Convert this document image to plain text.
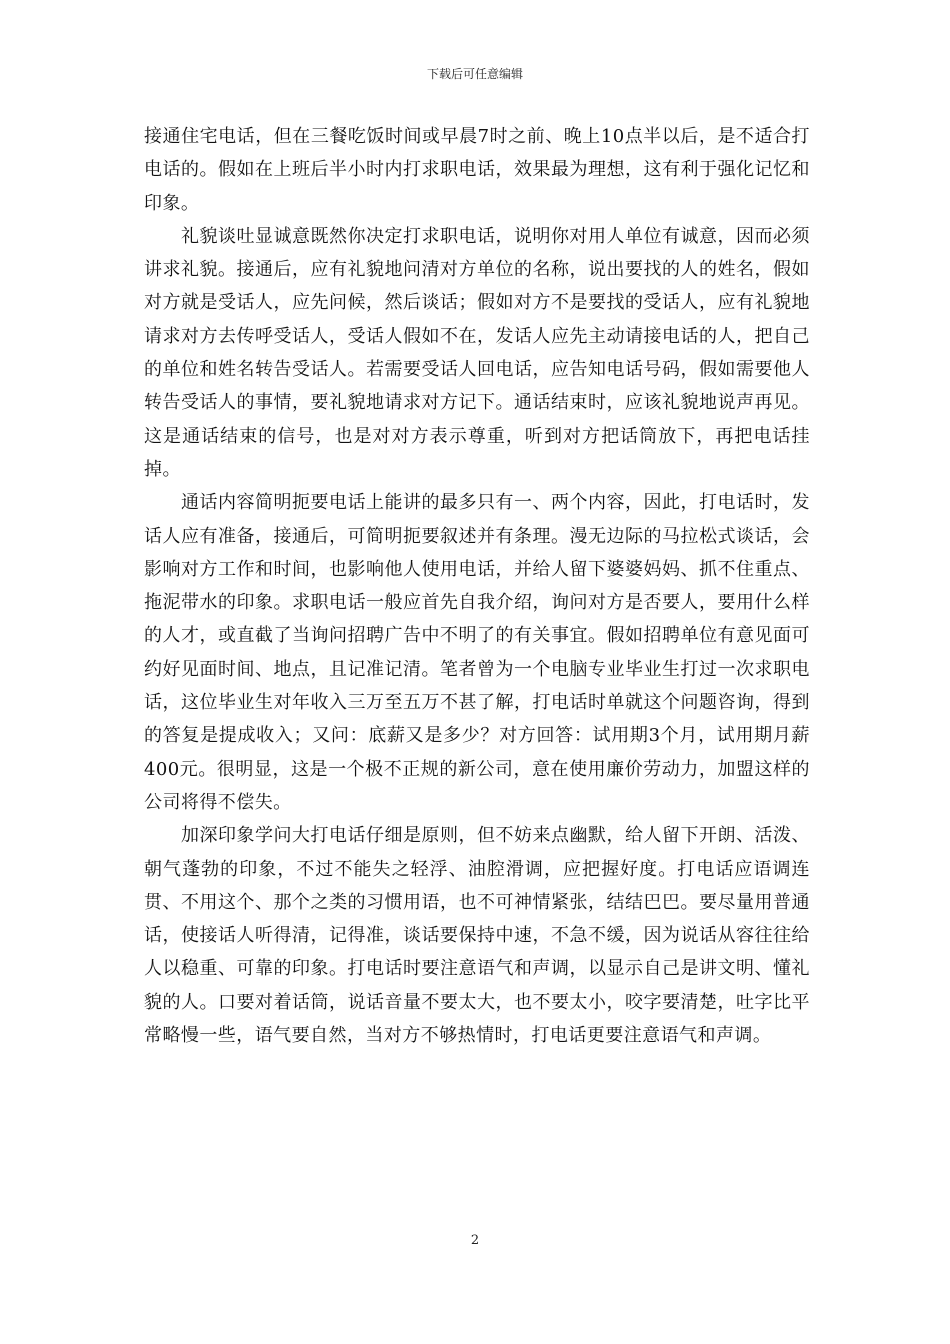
下载后可任意编辑

接通住宅电话，但在三餐吃饭时间或早晨7时之前、晚上10点半以后，是不适合打电话的。假如在上班后半小时内打求职电话，效果最为理想，这有利于强化记忆和印象。

礼貌谈吐显诚意既然你决定打求职电话，说明你对用人单位有诚意，因而必须讲求礼貌。接通后，应有礼貌地问清对方单位的名称，说出要找的人的姓名，假如对方就是受话人，应先问候，然后谈话；假如对方不是要找的受话人，应有礼貌地请求对方去传呼受话人，受话人假如不在，发话人应先主动请接电话的人，把自己的单位和姓名转告受话人。若需要受话人回电话，应告知电话号码，假如需要他人转告受话人的事情，要礼貌地请求对方记下。通话结束时，应该礼貌地说声再见。这是通话结束的信号，也是对对方表示尊重，听到对方把话筒放下，再把电话挂掉。

通话内容简明扼要电话上能讲的最多只有一、两个内容，因此，打电话时，发话人应有准备，接通后，可简明扼要叙述并有条理。漫无边际的马拉松式谈话，会影响对方工作和时间，也影响他人使用电话，并给人留下婆婆妈妈、抓不住重点、拖泥带水的印象。求职电话一般应首先自我介绍，询问对方是否要人，要用什么样的人才，或直截了当询问招聘广告中不明了的有关事宜。假如招聘单位有意见面可约好见面时间、地点，且记准记清。笔者曾为一个电脑专业毕业生打过一次求职电话，这位毕业生对年收入三万至五万不甚了解，打电话时单就这个问题咨询，得到的答复是提成收入；又问：底薪又是多少？对方回答：试用期3个月，试用期月薪400元。很明显，这是一个极不正规的新公司，意在使用廉价劳动力，加盟这样的公司将得不偿失。

加深印象学问大打电话仔细是原则，但不妨来点幽默，给人留下开朗、活泼、朝气蓬勃的印象，不过不能失之轻浮、油腔滑调，应把握好度。打电话应语调连贯、不用这个、那个之类的习惯用语，也不可神情紧张，结结巴巴。要尽量用普通话，使接话人听得清，记得准，谈话要保持中速，不急不缓，因为说话从容往往给人以稳重、可靠的印象。打电话时要注意语气和声调，以显示自己是讲文明、懂礼貌的人。口要对着话筒，说话音量不要太大，也不要太小，咬字要清楚，吐字比平常略慢一些，语气要自然，当对方不够热情时，打电话更要注意语气和声调。

2
